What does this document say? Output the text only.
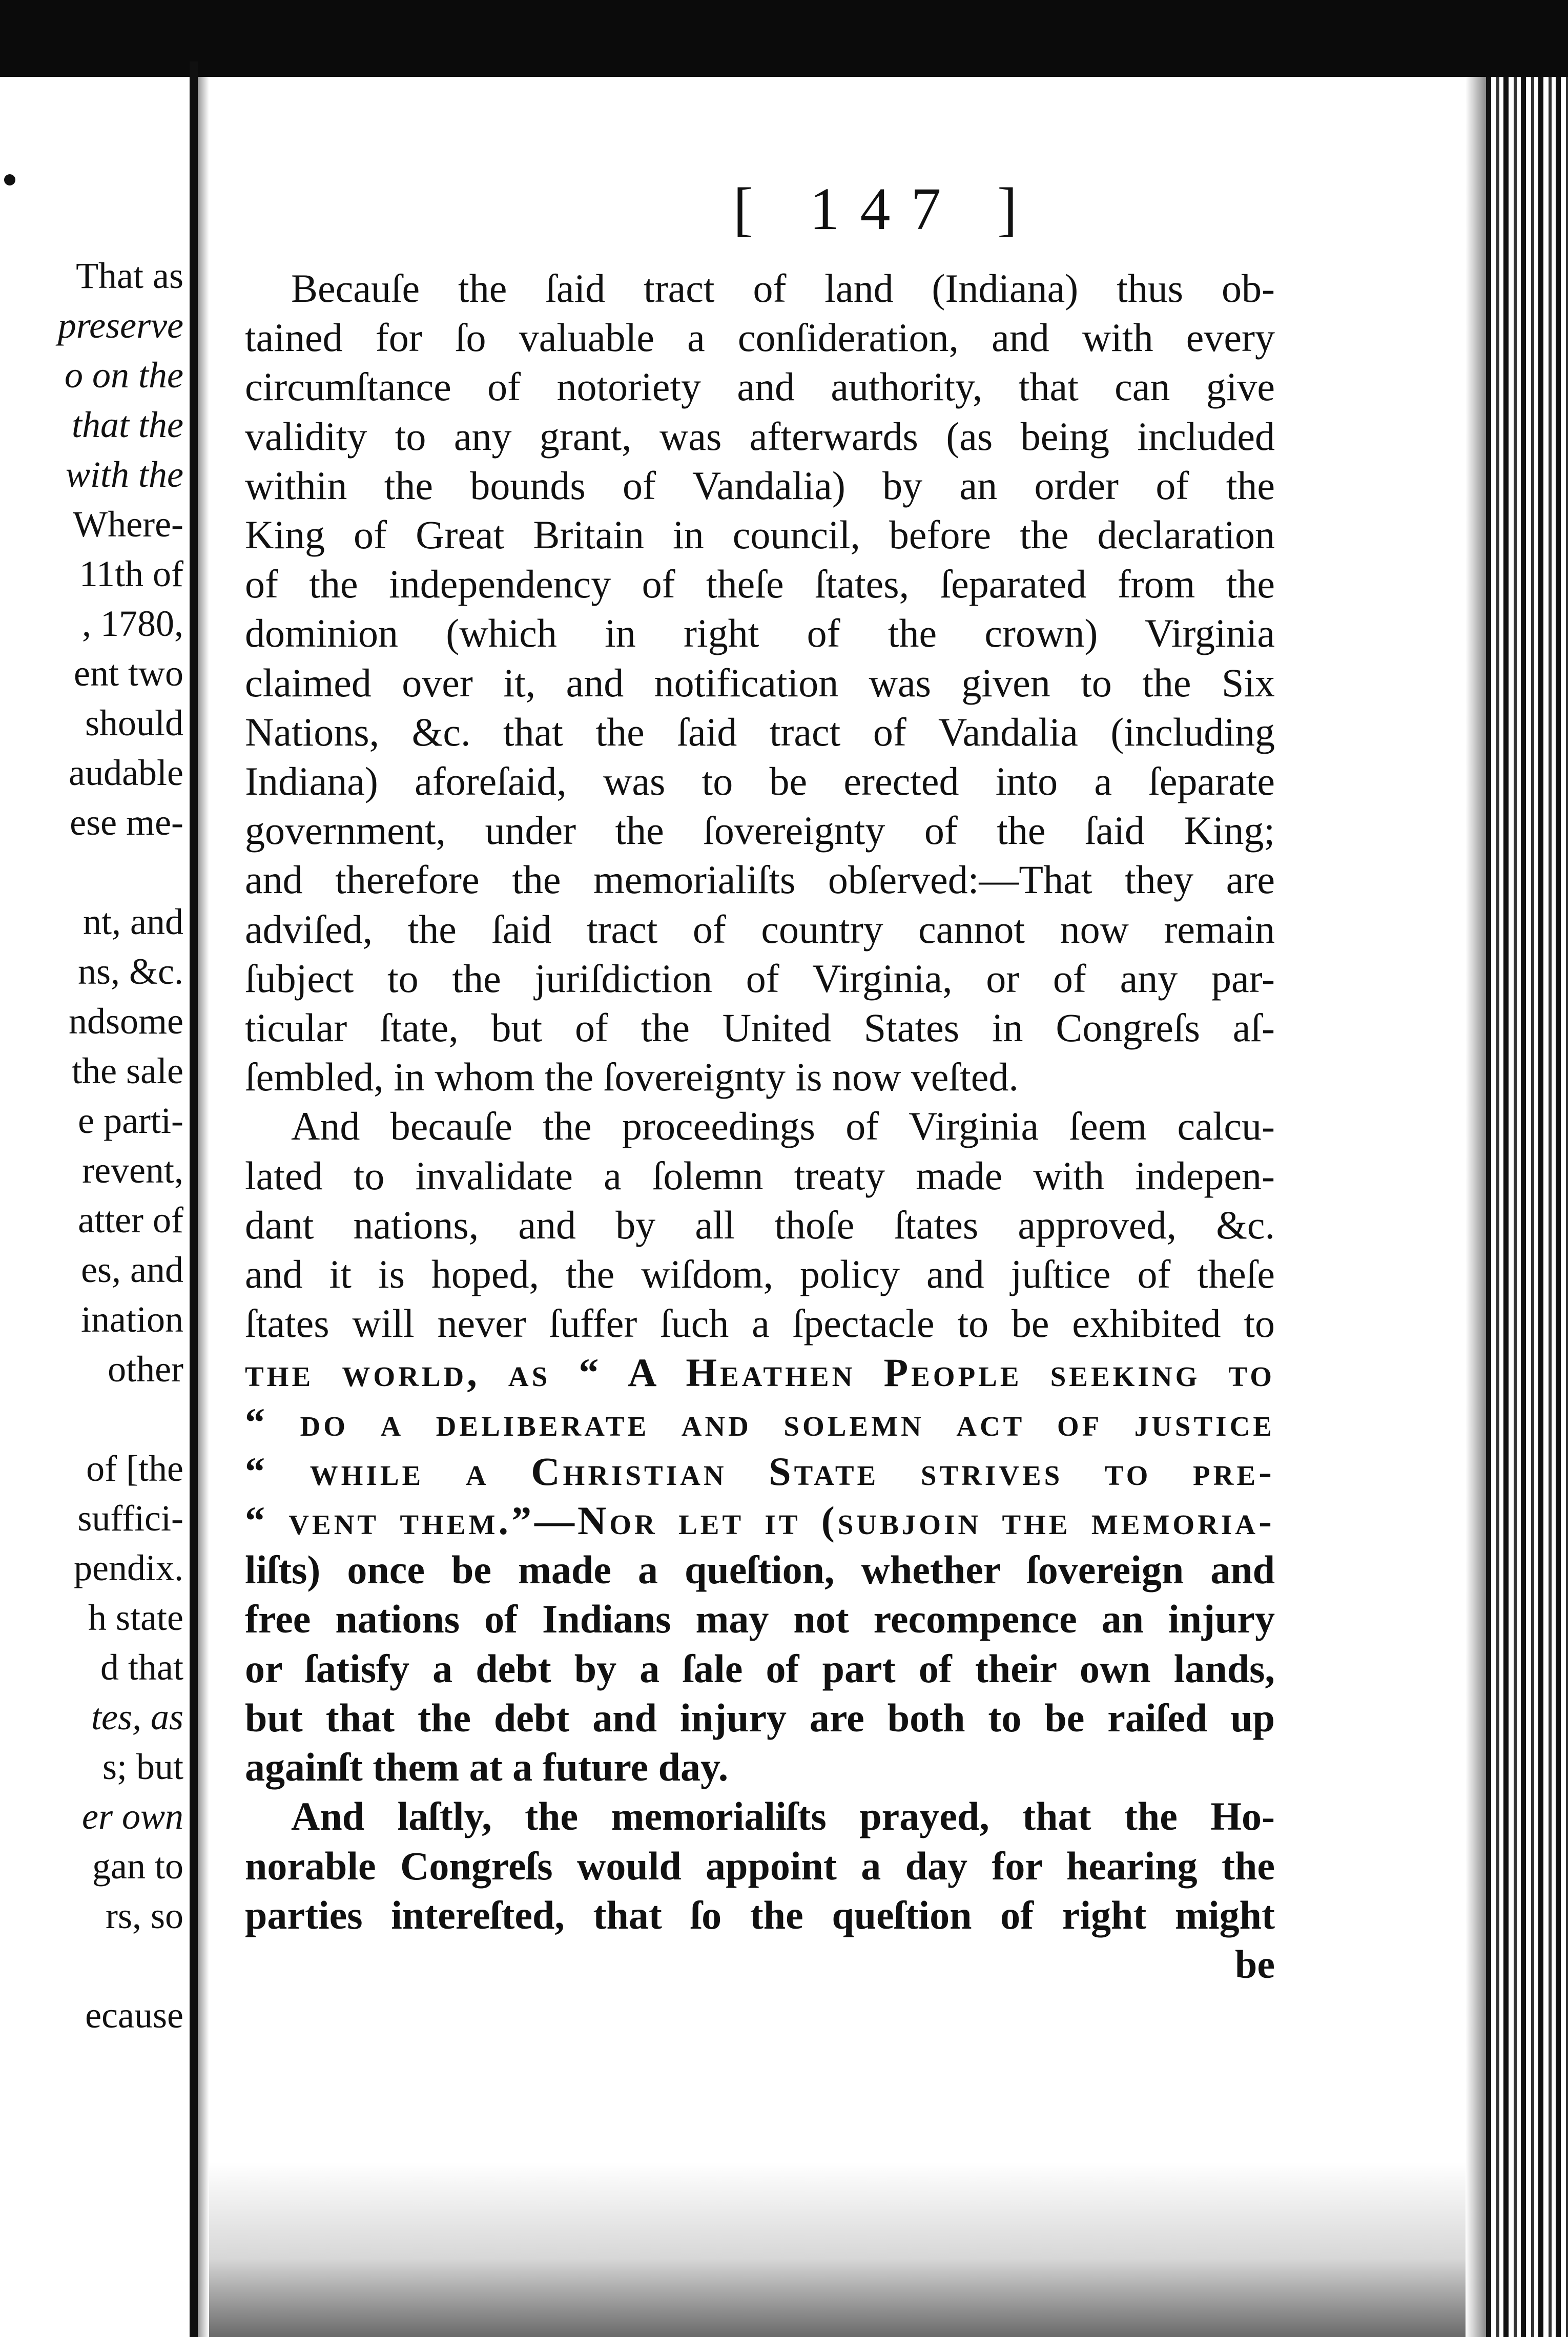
That as
preserve
o on the
that the
with the
Where-
11th of
, 1780,
ent two
should
audable
ese me-
nt, and
ns, &c.
ndsome
the sale
e parti-
revent,
atter of
es, and
ination
other
of [the
suffici-
pendix.
h state
d that
tes, as
s; but
er own
gan to
rs, so
ecause
[ 147 ]

Becauſe the ſaid tract of land (Indiana) thus ob-

tained for ſo valuable a conſideration, and with every

circumſtance of notoriety and authority, that can give

validity to any grant, was afterwards (as being included

within the bounds of Vandalia) by an order of the

King of Great Britain in council, before the declaration

of the independency of theſe ſtates, ſeparated from the

dominion (which in right of the crown) Virginia

claimed over it, and notification was given to the Six

Nations, &c. that the ſaid tract of Vandalia (including

Indiana) aforeſaid, was to be erected into a ſeparate

government, under the ſovereignty of the ſaid King;

and therefore the memorialiſts obſerved:—That they are

adviſed, the ſaid tract of country cannot now remain

ſubject to the juriſdiction of Virginia, or of any par-

ticular ſtate, but of the United States in Congreſs aſ-

ſembled, in whom the ſovereignty is now veſted.

And becauſe the proceedings of Virginia ſeem calcu-

lated to invalidate a ſolemn treaty made with indepen-

dant nations, and by all thoſe ſtates approved, &c.

and it is hoped, the wiſdom, policy and juſtice of theſe

ſtates will never ſuffer ſuch a ſpectacle to be exhibited to

the world, as “ A Heathen People seeking to

“ do a deliberate and solemn act of justice

“ while a Christian State strives to pre-

“ vent them.”—Nor let it (ſubjoin the memoria-

liſts) once be made a queſtion, whether ſovereign and

free nations of Indians may not recompence an injury

or ſatisfy a debt by a ſale of part of their own lands,

but that the debt and injury are both to be raiſed up

againſt them at a future day.

And laſtly, the memorialiſts prayed, that the Ho-

norable Congreſs would appoint a day for hearing the

parties intereſted, that ſo the queſtion of right might

be
